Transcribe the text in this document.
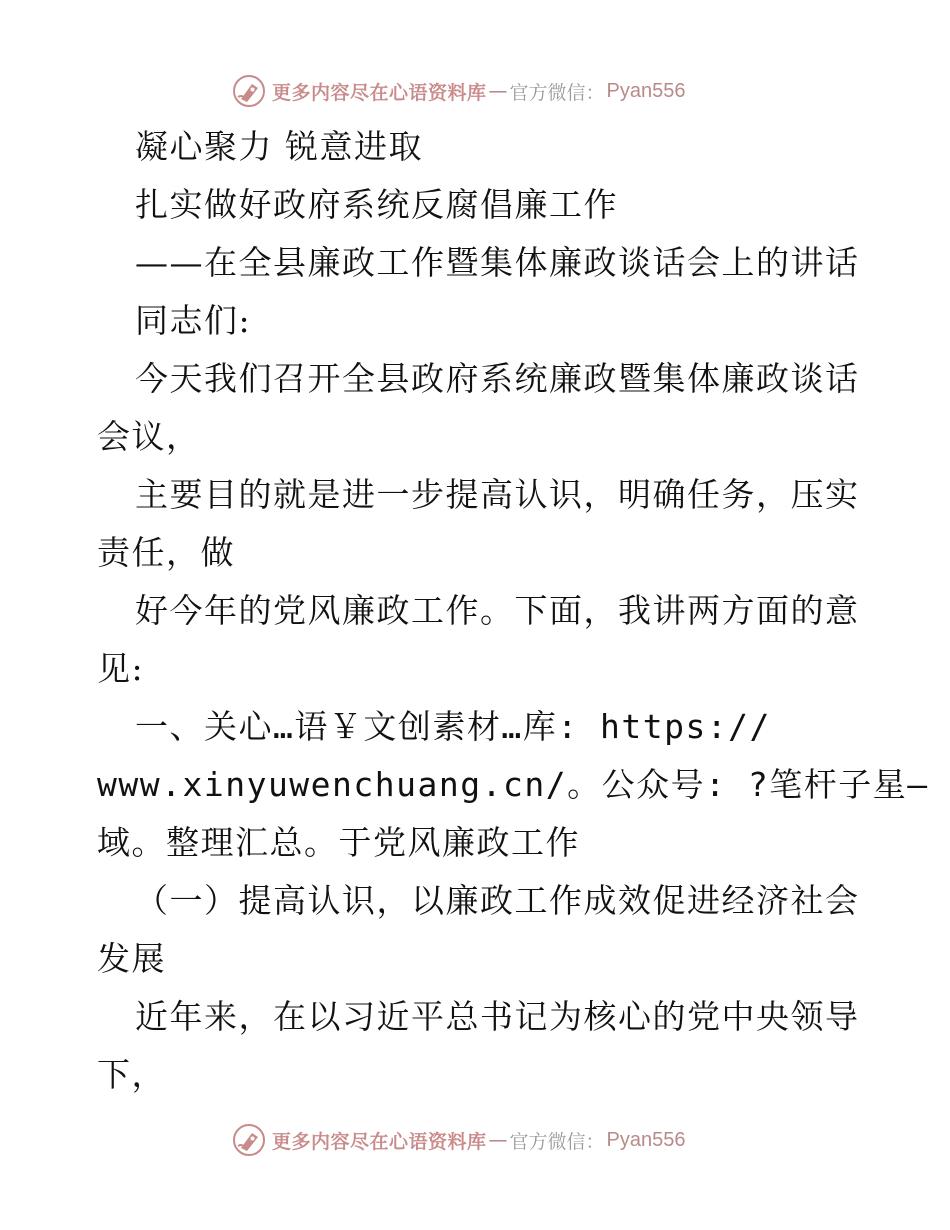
更多内容尽在心语资料库 — 官方微信： Pyan556
凝心聚力 锐意进取
扎实做好政府系统反腐倡廉工作
——在全县廉政工作暨集体廉政谈话会上的讲话
同志们:
今天我们召开全县政府系统廉政暨集体廉政谈话
会议，
主要目的就是进一步提高认识，明确任务，压实
责任，做
好今年的党风廉政工作。下面，我讲两方面的意
见:
一、关心…语￥文创素材…库: https://
www.xinyuwenchuang.cn/。公众号: ?笔杆子星—
域。整理汇总。于党风廉政工作
（一）提高认识，以廉政工作成效促进经济社会
发展
近年来，在以习近平总书记为核心的党中央领导
下，
更多内容尽在心语资料库 — 官方微信： Pyan556
